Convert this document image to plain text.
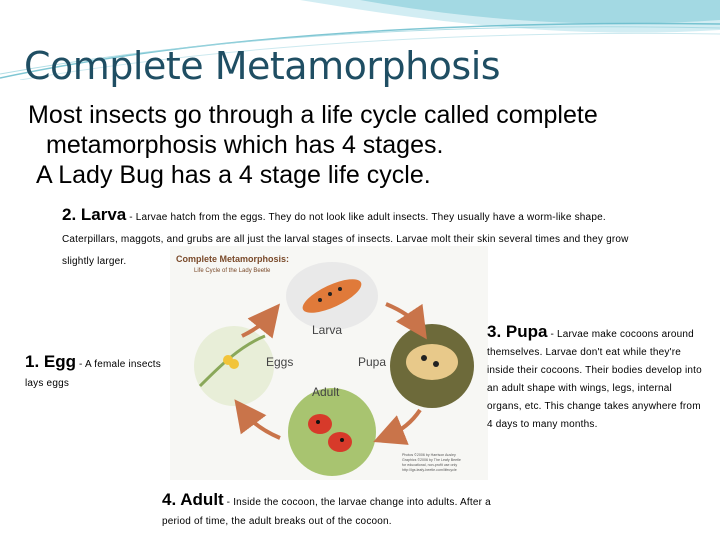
Complete Metamorphosis
Most insects go through a life cycle called complete
metamorphosis which has 4 stages.
A Lady Bug has a 4 stage life cycle.
2. Larva - Larvae hatch from the eggs. They do not look like adult insects. They usually have a worm-like shape. Caterpillars, maggots, and grubs are all just the larval stages of insects. Larvae molt their skin several times and they grow slightly larger.	Complete Metamorphosis:
Life Cycle of the Lady Beetle
Larva
Eggs	Pupa
Adult
Photos ©2006 by Harrison Ausley
Graphics ©2006 by The Leafy Beetle
for educational, non-profit use only
http://lgs.leafy-beetle.com/lifecycle
3. Pupa - Larvae make cocoons around themselves. Larvae don't eat while they're inside their cocoons. Their bodies develop into an adult shape with wings, legs, internal organs, etc. This change takes anywhere from 4 days to many months.
1. Egg - A female insects lays eggs
4. Adult - Inside the cocoon, the larvae change into adults. After a period of time, the adult breaks out of the cocoon.
